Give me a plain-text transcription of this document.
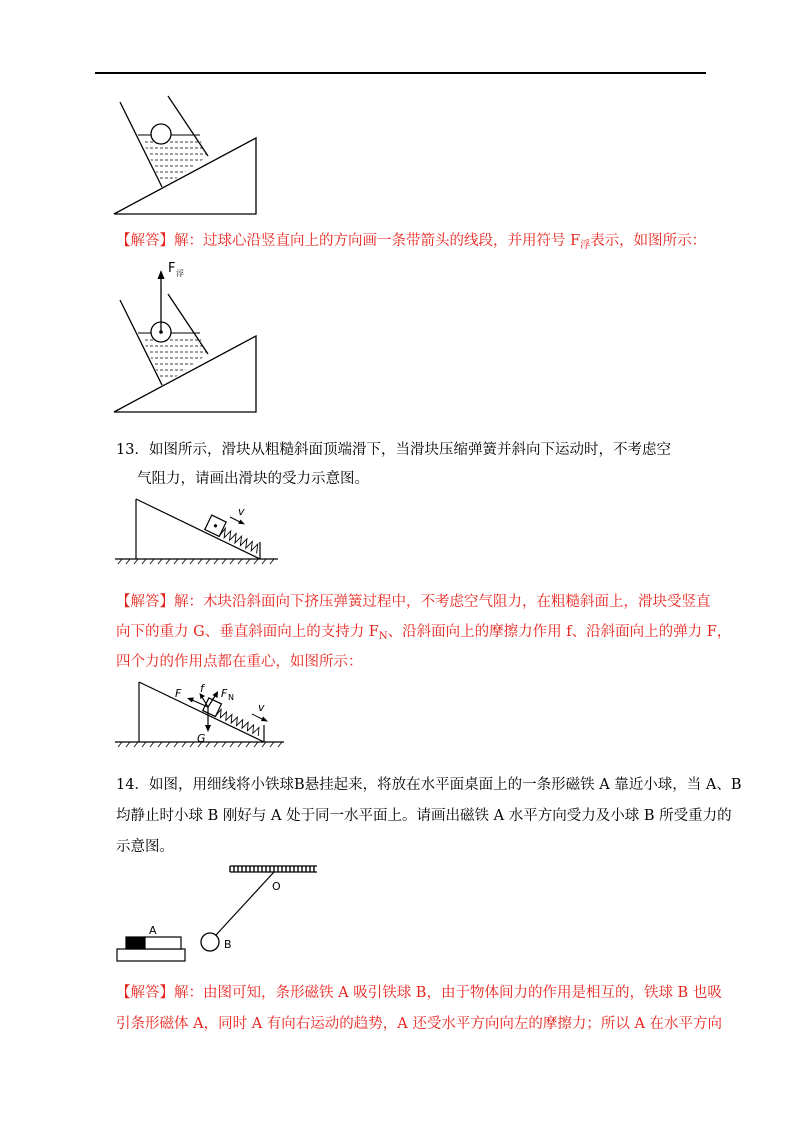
【解答】解：过球心沿竖直向上的方向画一条带箭头的线段，并用符号 $F_浮$表示，如图所示：
F 浮
13．如图所示，滑块从粗糙斜面顶端滑下，当滑块压缩弹簧并斜向下运动时，不考虑空
气阻力，请画出滑块的受力示意图。
v
【解答】解：木块沿斜面向下挤压弹簧过程中，不考虑空气阻力，在粗糙斜面上，滑块受竖直
向下的重力 G、垂直斜面向上的支持力 $F_N$、沿斜面向上的摩擦力作用 f、沿斜面向上的弹力 F，
四个力的作用点都在重心，如图所示：
F f F N
G
v
14．如图，用细线将小铁球B悬挂起来，将放在水平面桌面上的一条形磁铁 A 靠近小球，当 A、B
均静止时小球 B 刚好与 A 处于同一水平面上。请画出磁铁 A 水平方向受力及小球 B 所受重力的
示意图。
O
B
A
【解答】解：由图可知，条形磁铁 A 吸引铁球 B，由于物体间力的作用是相互的，铁球 B 也吸
引条形磁体 A，同时 A 有向右运动的趋势，A 还受水平方向向左的摩擦力；所以 A 在水平方向
